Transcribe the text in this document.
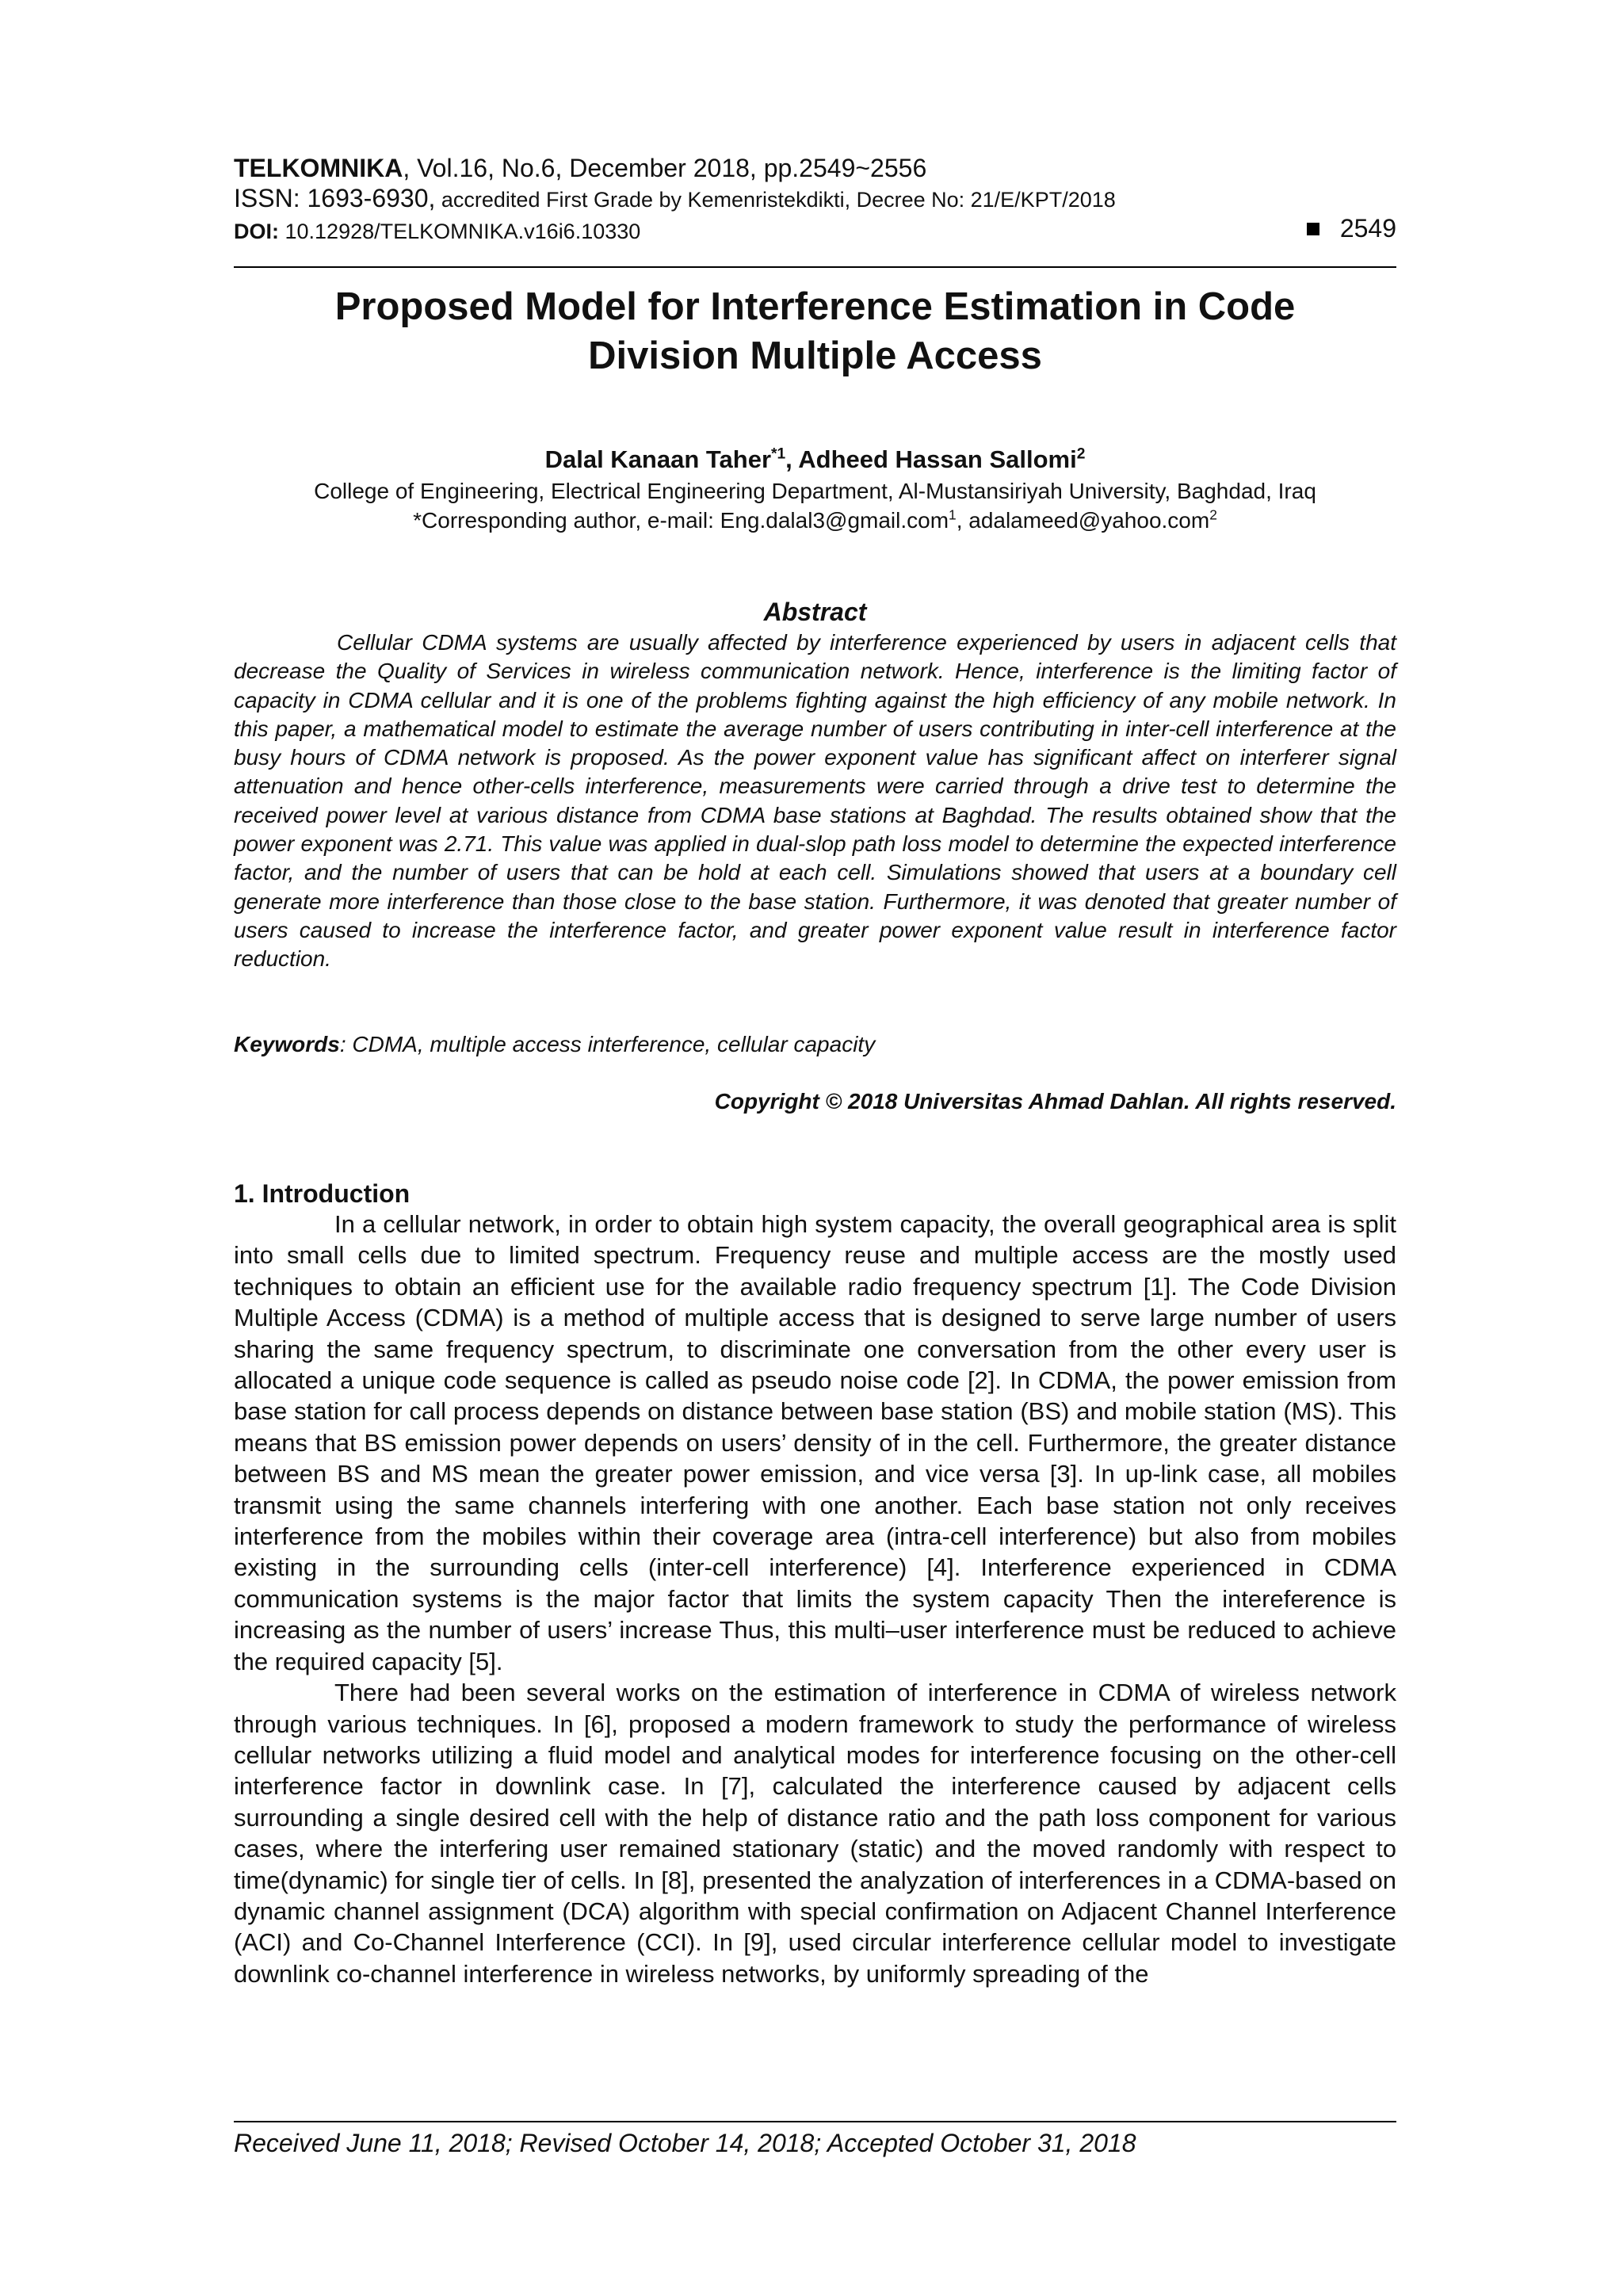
TELKOMNIKA, Vol.16, No.6, December 2018, pp.2549~2556
ISSN: 1693-6930, accredited First Grade by Kemenristekdikti, Decree No: 21/E/KPT/2018
DOI: 10.12928/TELKOMNIKA.v16i6.10330	2549
Proposed Model for Interference Estimation in Code
Division Multiple Access
Dalal Kanaan Taher$^{*1}$, Adheed Hassan Sallomi$^2$
College of Engineering, Electrical Engineering Department, Al-Mustansiriyah University, Baghdad, Iraq
*Corresponding author, e-mail: Eng.dalal3@gmail.com$^1$, adalameed@yahoo.com$^2$
Abstract

Cellular CDMA systems are usually affected by interference experienced by users in adjacent cells that decrease the Quality of Services in wireless communication network. Hence, interference is the limiting factor of capacity in CDMA cellular and it is one of the problems fighting against the high efficiency of any mobile network. In this paper, a mathematical model to estimate the average number of users contributing in inter-cell interference at the busy hours of CDMA network is proposed. As the power exponent value has significant affect on interferer signal attenuation and hence other-cells interference, measurements were carried through a drive test to determine the received power level at various distance from CDMA base stations at Baghdad. The results obtained show that the power exponent was 2.71. This value was applied in dual-slop path loss model to determine the expected interference factor, and the number of users that can be hold at each cell. Simulations showed that users at a boundary cell generate more interference than those close to the base station. Furthermore, it was denoted that greater number of users caused to increase the interference factor, and greater power exponent value result in interference factor reduction.

Keywords: CDMA, multiple access interference, cellular capacity
Copyright © 2018 Universitas Ahmad Dahlan. All rights reserved.
1. Introduction

In a cellular network, in order to obtain high system capacity, the overall geographical area is split into small cells due to limited spectrum. Frequency reuse and multiple access are the mostly used techniques to obtain an efficient use for the available radio frequency spectrum [1]. The Code Division Multiple Access (CDMA) is a method of multiple access that is designed to serve large number of users sharing the same frequency spectrum, to discriminate one conversation from the other every user is allocated a unique code sequence is called as pseudo noise code [2]. In CDMA, the power emission from base station for call process depends on distance between base station (BS) and mobile station (MS). This means that BS emission power depends on users’ density of in the cell. Furthermore, the greater distance between BS and MS mean the greater power emission, and vice versa [3]. In up-link case, all mobiles transmit using the same channels interfering with one another. Each base station not only receives interference from the mobiles within their coverage area (intra-cell interference) but also from mobiles existing in the surrounding cells (inter-cell interference) [4]. Interference experienced in CDMA communication systems is the major factor that limits the system capacity Then the intereference is increasing as the number of users’ increase Thus, this multi–user interference must be reduced to achieve the required capacity [5].

There had been several works on the estimation of interference in CDMA of wireless network through various techniques. In [6], proposed a modern framework to study the performance of wireless cellular networks utilizing a fluid model and analytical modes for interference focusing on the other-cell interference factor in downlink case. In [7], calculated the interference caused by adjacent cells surrounding a single desired cell with the help of distance ratio and the path loss component for various cases, where the interfering user remained stationary (static) and the moved randomly with respect to time(dynamic) for single tier of cells. In [8], presented the analyzation of interferences in a CDMA-based on dynamic channel assignment (DCA) algorithm with special confirmation on Adjacent Channel Interference (ACI) and Co-Channel Interference (CCI). In [9], used circular interference cellular model to investigate downlink co-channel interference in wireless networks, by uniformly spreading of the

Received June 11, 2018; Revised October 14, 2018; Accepted October 31, 2018
